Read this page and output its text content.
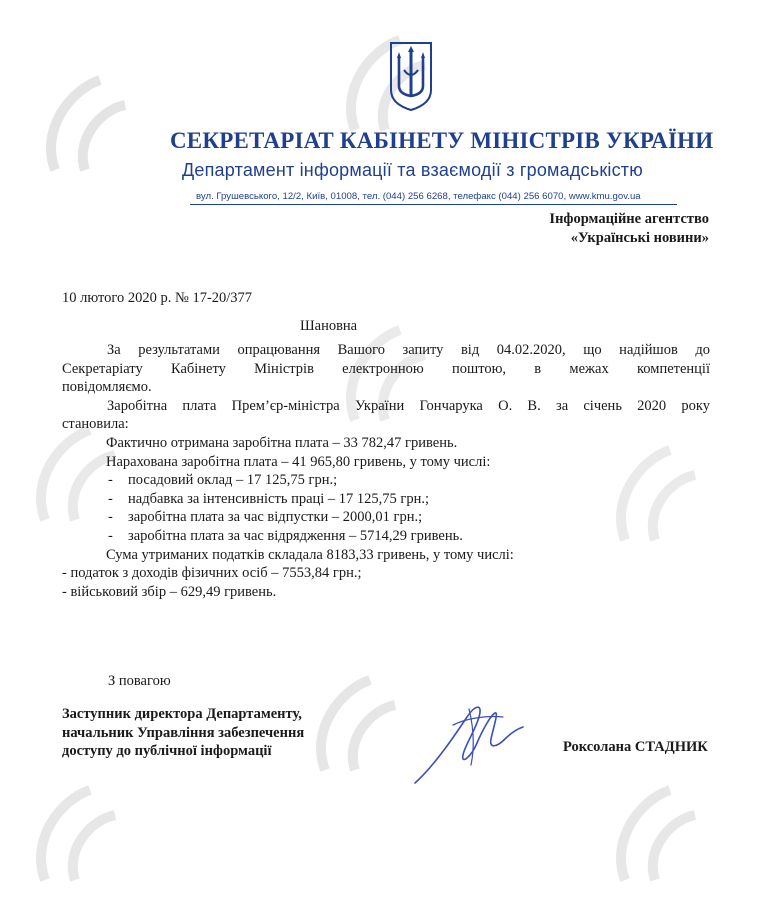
СЕКРЕТАРІАТ КАБІНЕТУ МІНІСТРІВ УКРАЇНИ
Департамент інформації та взаємодії з громадськістю
вул. Грушевського, 12/2, Київ, 01008, тел. (044) 256 6268, телефакс (044) 256 6070, www.kmu.gov.ua
Інформаційне агентство
«Українські новини»
10 лютого 2020 р. № 17-20/377
Шановна

За результатами опрацювання Вашого запиту від 04.02.2020, що надійшов до

Секретаріату Кабінету Міністрів електронною поштою, в межах компетенції

повідомляємо.

Заробітна плата Прем’єр-міністра України Гончарука О. В. за січень 2020 року

становила:

Фактично отримана заробітна плата – 33 782,47 гривень.

Нарахована заробітна плата – 41 965,80 гривень, у тому числі:

- посадовий оклад – 17 125,75 грн.;

- надбавка за інтенсивність праці – 17 125,75 грн.;

- заробітна плата за час відпустки – 2000,01 грн.;

- заробітна плата за час відрядження – 5714,29 гривень.

Сума утриманих податків складала 8183,33 гривень, у тому числі:

- податок з доходів фізичних осіб – 7553,84 грн.;

- військовий збір – 629,49 гривень.

З повагою
Заступник директора Департаменту,
начальник Управління забезпечення
доступу до публічної інформації	Роксолана СТАДНИК
